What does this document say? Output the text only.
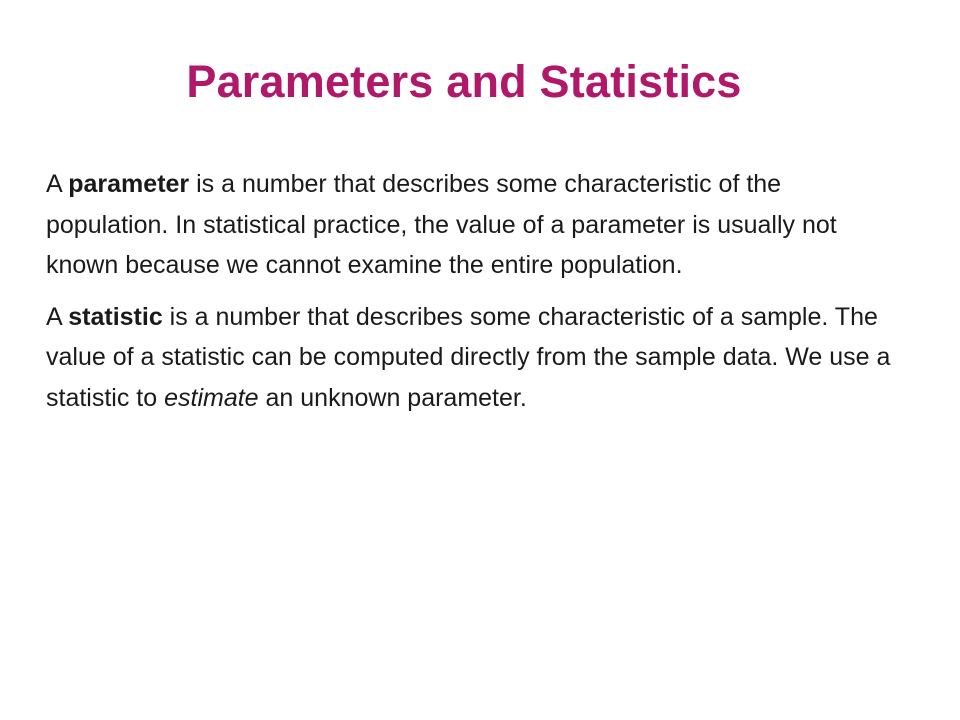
Parameters and Statistics

A parameter is a number that describes some characteristic of the population. In statistical practice, the value of a parameter is usually not known because we cannot examine the entire population.

A statistic is a number that describes some characteristic of a sample. The value of a statistic can be computed directly from the sample data. We use a statistic to estimate an unknown parameter.
